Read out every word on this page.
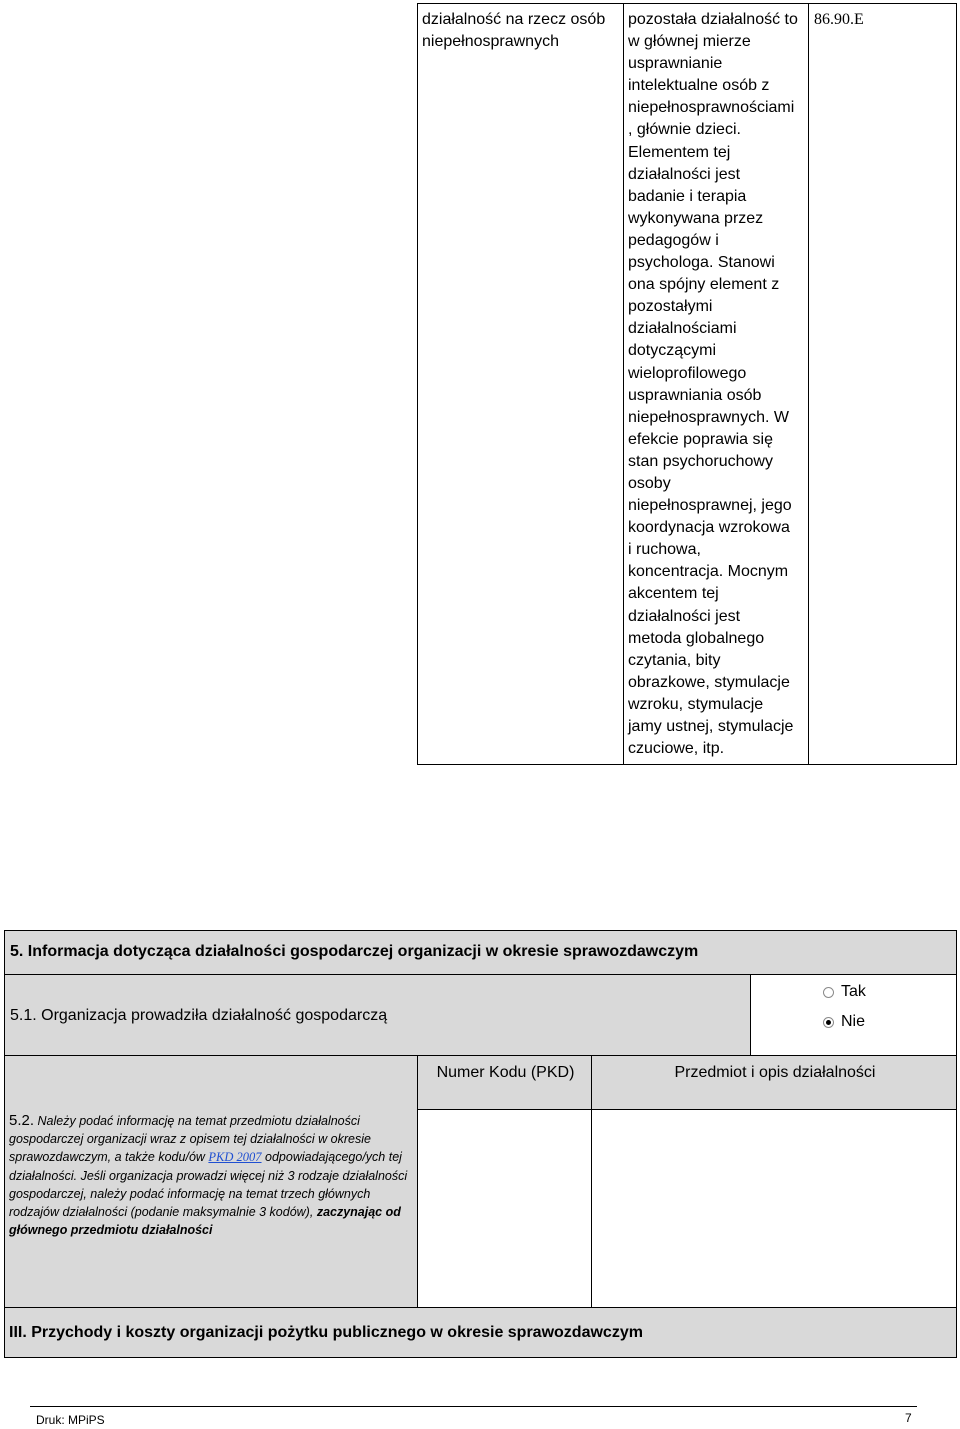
działalność na rzecz osób niepełnosprawnych
pozostała działalność to
w głównej mierze
usprawnianie
intelektualne osób z
niepełnosprawnościami
, głównie dzieci.
Elementem tej
działalności jest
badanie i terapia
wykonywana przez
pedagogów i
psychologa. Stanowi
ona spójny element z
pozostałymi
działalnościami
dotyczącymi
wieloprofilowego
usprawniania osób
niepełnosprawnych. W
efekcie poprawia się
stan psychoruchowy
osoby
niepełnosprawnej, jego
koordynacja wzrokowa
i ruchowa,
koncentracja. Mocnym
akcentem tej
działalności jest
metoda globalnego
czytania, bity
obrazkowe, stymulacje
wzroku, stymulacje
jamy ustnej, stymulacje
czuciowe, itp.
86.90.E
5. Informacja dotycząca działalności gospodarczej organizacji w okresie sprawozdawczym
5.1. Organizacja prowadziła działalność gospodarczą
Tak
Nie
5.2. Należy podać informację na temat przedmiotu działalności gospodarczej organizacji wraz z opisem tej działalności w okresie sprawozdawczym, a także kodu/ów PKD 2007 odpowiadającego/ych tej działalności. Jeśli organizacja prowadzi więcej niż 3 rodzaje działalności gospodarczej, należy podać informację na temat trzech głównych rodzajów działalności (podanie maksymalnie 3 kodów), zaczynając od głównego przedmiotu działalności
Numer Kodu (PKD)	Przedmiot i opis działalności
III. Przychody i koszty organizacji pożytku publicznego w okresie sprawozdawczym
Druk: MPiPS	7
